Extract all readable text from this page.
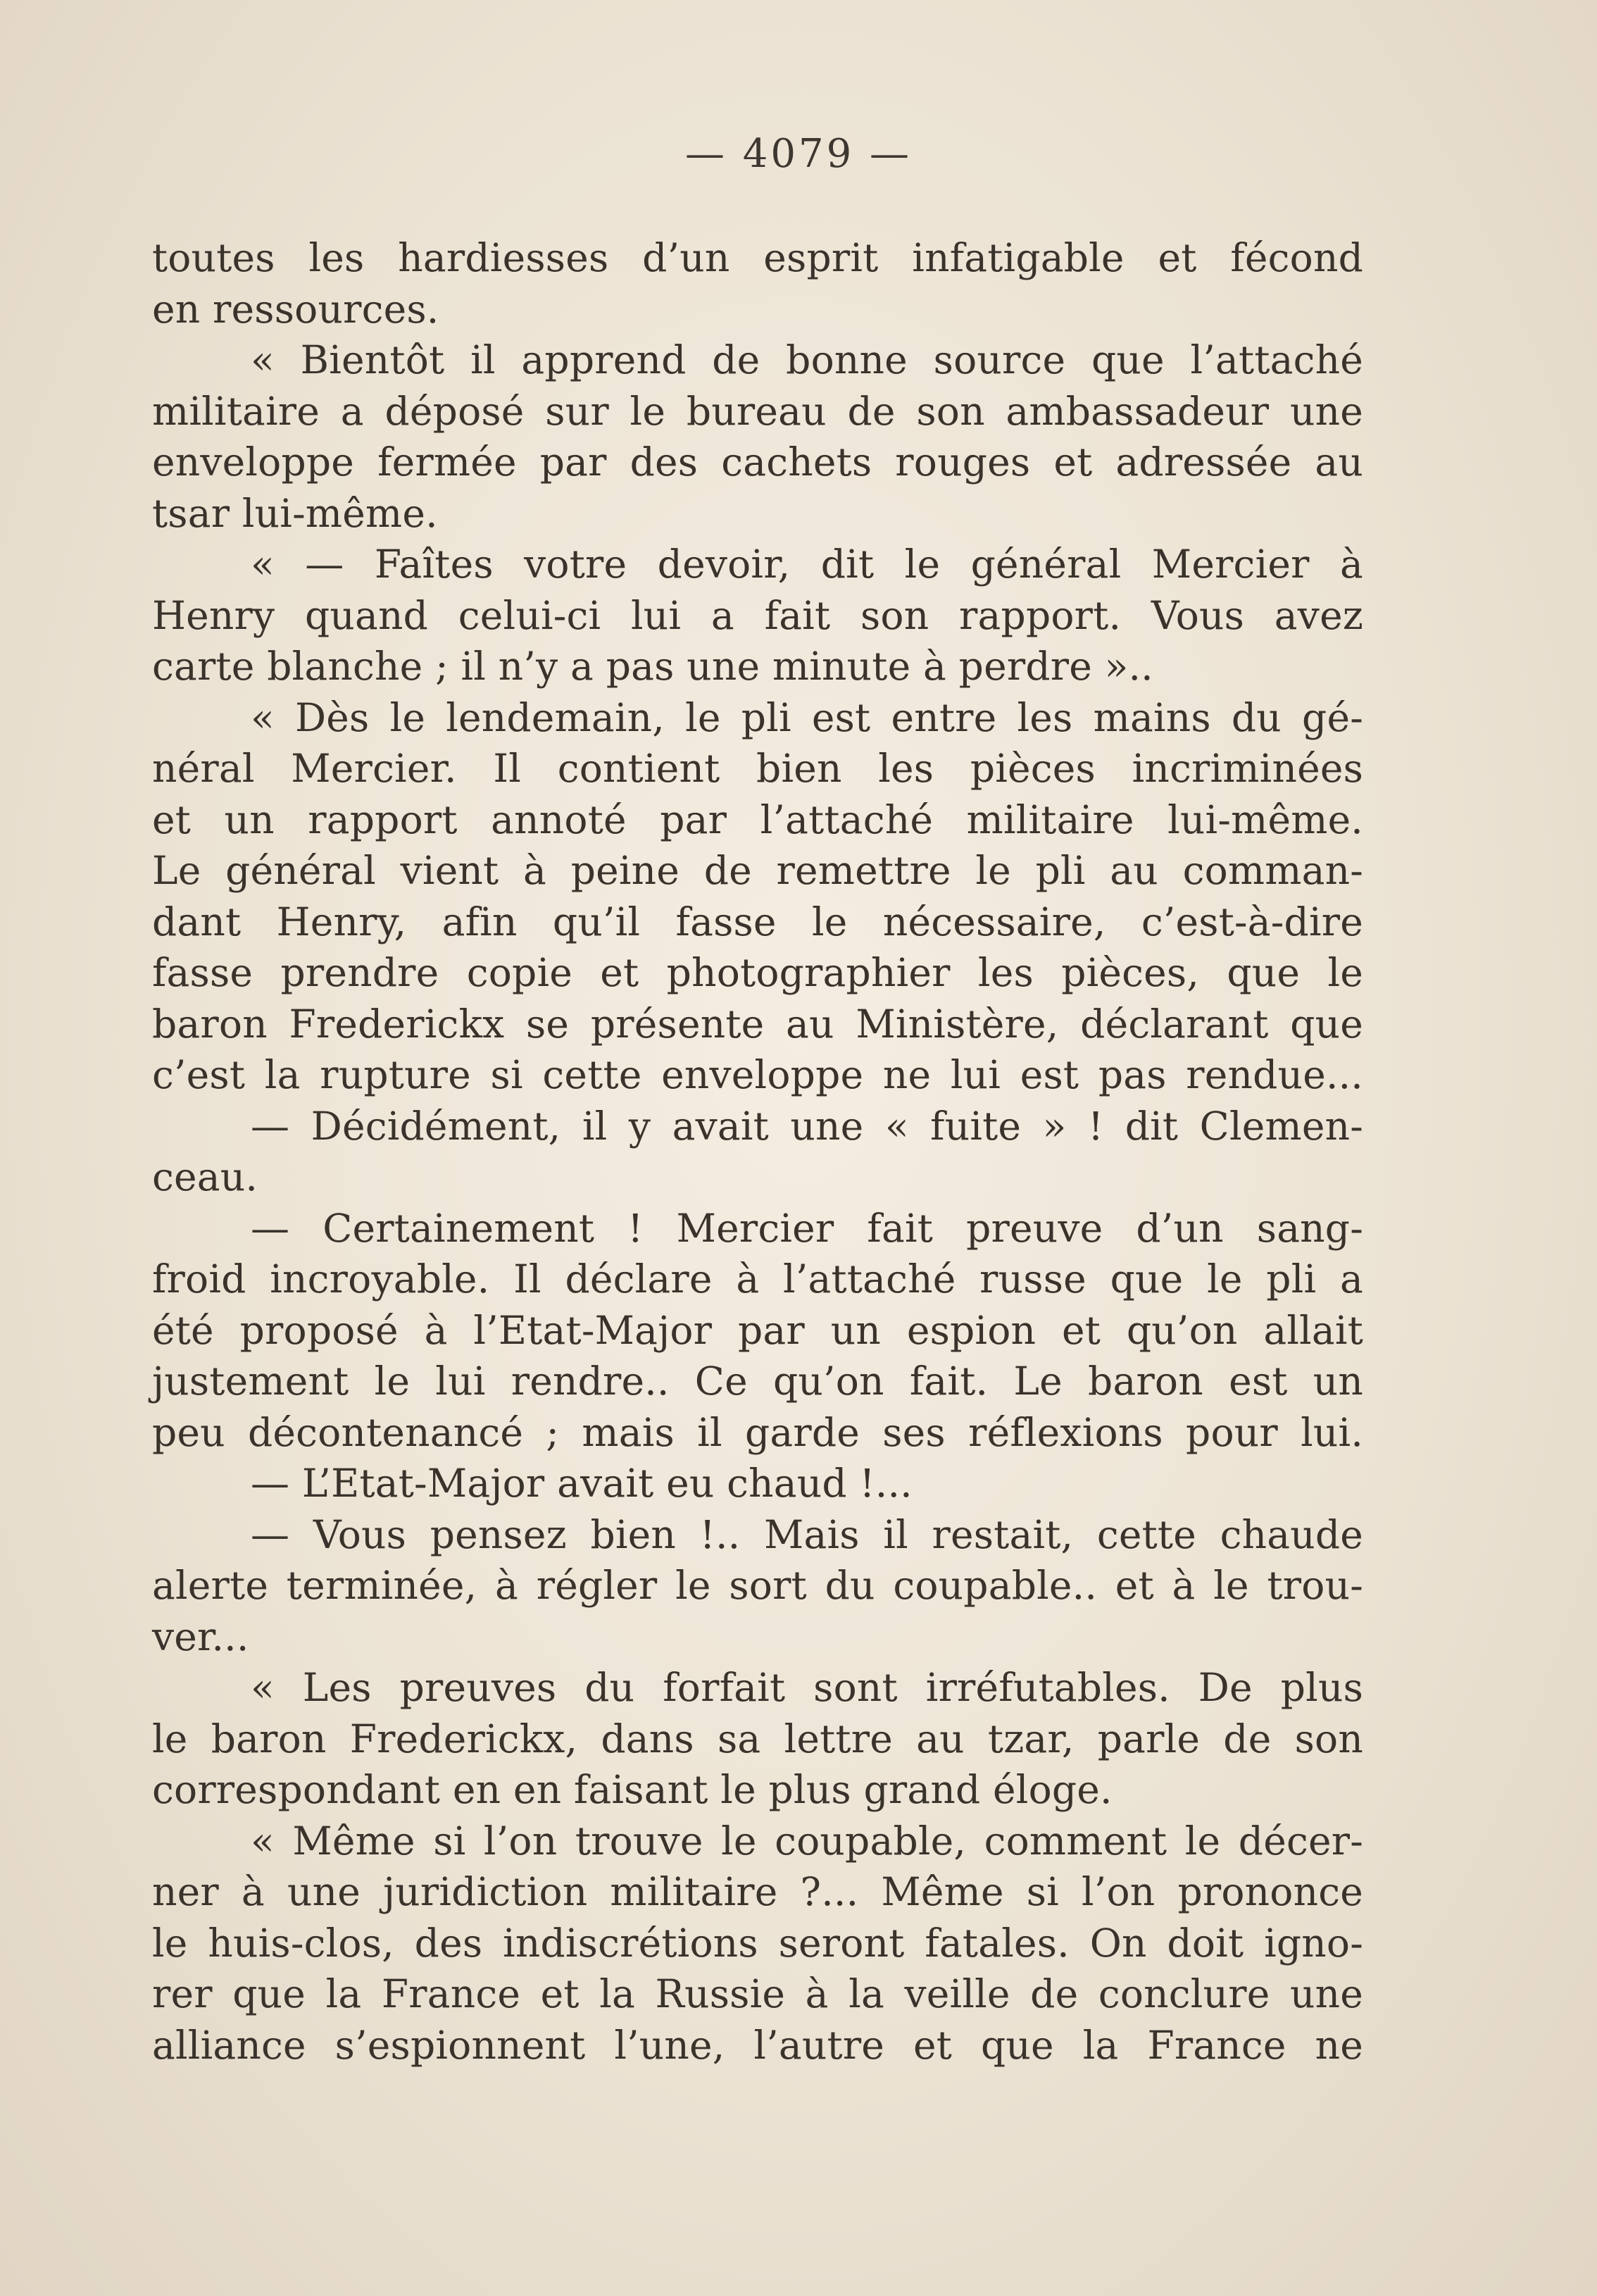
— 4079 —
toutes les hardiesses d’un esprit infatigable et fécond
en ressources.
« Bientôt il apprend de bonne source que l’attaché
militaire a déposé sur le bureau de son ambassadeur une
enveloppe fermée par des cachets rouges et adressée au
tsar lui-même.
« — Faîtes votre devoir, dit le général Mercier à
Henry quand celui-ci lui a fait son rapport. Vous avez
carte blanche ; il n’y a pas une minute à perdre »..
« Dès le lendemain, le pli est entre les mains du gé-
néral Mercier. Il contient bien les pièces incriminées
et un rapport annoté par l’attaché militaire lui-même.
Le général vient à peine de remettre le pli au comman-
dant Henry, afin qu’il fasse le nécessaire, c’est-à-dire
fasse prendre copie et photographier les pièces, que le
baron Frederickx se présente au Ministère, déclarant que
c’est la rupture si cette enveloppe ne lui est pas rendue...
— Décidément, il y avait une « fuite » ! dit Clemen-
ceau.
— Certainement ! Mercier fait preuve d’un sang-
froid incroyable. Il déclare à l’attaché russe que le pli a
été proposé à l’Etat-Major par un espion et qu’on allait
justement le lui rendre.. Ce qu’on fait. Le baron est un
peu décontenancé ; mais il garde ses réflexions pour lui.
— L’Etat-Major avait eu chaud !...
— Vous pensez bien !.. Mais il restait, cette chaude
alerte terminée, à régler le sort du coupable.. et à le trou-
ver...
« Les preuves du forfait sont irréfutables. De plus
le baron Frederickx, dans sa lettre au tzar, parle de son
correspondant en en faisant le plus grand éloge.
« Même si l’on trouve le coupable, comment le décer-
ner à une juridiction militaire ?... Même si l’on prononce
le huis-clos, des indiscrétions seront fatales. On doit igno-
rer que la France et la Russie à la veille de conclure une
alliance s’espionnent l’une, l’autre et que la France ne
